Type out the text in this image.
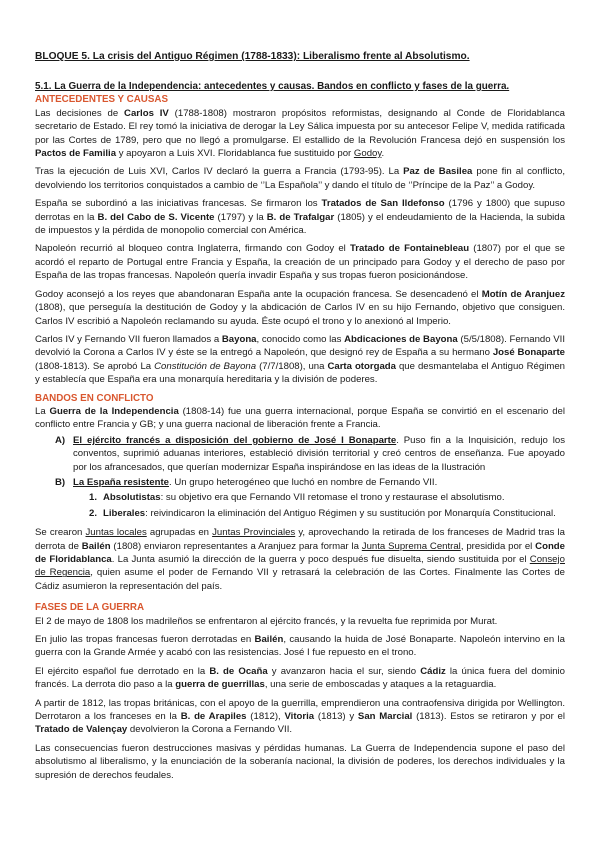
BLOQUE 5. La crisis del Antiguo Régimen (1788-1833): Liberalismo frente al Absolutismo.
5.1. La Guerra de la Independencia: antecedentes y causas. Bandos en conflicto y fases de la guerra.
ANTECEDENTES Y CAUSAS

Las decisiones de Carlos IV (1788-1808) mostraron propósitos reformistas, designando al Conde de Floridablanca secretario de Estado. El rey tomó la iniciativa de derogar la Ley Sálica impuesta por su antecesor Felipe V, medida ratificada por las Cortes de 1789, pero que no llegó a promulgarse. El estallido de la Revolución Francesa dejó en suspensión los Pactos de Familia y apoyaron a Luis XVI. Floridablanca fue sustituido por Godoy.

Tras la ejecución de Luis XVI, Carlos IV declaró la guerra a Francia (1793-95). La Paz de Basilea pone fin al conflicto, devolviendo los territorios conquistados a cambio de ‘’La Española’’ y dando el título de ‘’Príncipe de la Paz’’ a Godoy.

España se subordinó a las iniciativas francesas. Se firmaron los Tratados de San Ildefonso (1796 y 1800) que supuso derrotas en la B. del Cabo de S. Vicente (1797) y la B. de Trafalgar (1805) y el endeudamiento de la Hacienda, la subida de impuestos y la pérdida de monopolio comercial con América.

Napoleón recurrió al bloqueo contra Inglaterra, firmando con Godoy el Tratado de Fontainebleau (1807) por el que se acordó el reparto de Portugal entre Francia y España, la creación de un principado para Godoy y el derecho de paso por España de las tropas francesas. Napoleón quería invadir España y sus tropas fueron posicionándose.

Godoy aconsejó a los reyes que abandonaran España ante la ocupación francesa. Se desencadenó el Motín de Aranjuez (1808), que perseguía la destitución de Godoy y la abdicación de Carlos IV en su hijo Fernando, objetivo que consiguen. Carlos IV escribió a Napoleón reclamando su ayuda. Éste ocupó el trono y lo anexionó al Imperio.

Carlos IV y Fernando VII fueron llamados a Bayona, conocido como las Abdicaciones de Bayona (5/5/1808). Fernando VII devolvió la Corona a Carlos IV y éste se la entregó a Napoleón, que designó rey de España a su hermano José Bonaparte (1808-1813). Se aprobó La Constitución de Bayona (7/7/1808), una Carta otorgada que desmantelaba el Antiguo Régimen y establecía que España era una monarquía hereditaria y la división de poderes.

BANDOS EN CONFLICTO

La Guerra de la Independencia (1808-14) fue una guerra internacional, porque España se convirtió en el escenario del conflicto entre Francia y GB; y una guerra nacional de liberación frente a Francia.

A) El ejército francés a disposición del gobierno de José I Bonaparte. Puso fin a la Inquisición, redujo los conventos, suprimió aduanas interiores, estableció división territorial y creó centros de enseñanza. Fue apoyado por los afrancesados, que querían modernizar España inspirándose en las ideas de la Ilustración
B) La España resistente. Un grupo heterogéneo que luchó en nombre de Fernando VII.
1. Absolutistas: su objetivo era que Fernando VII retomase el trono y restaurase el absolutismo.
2. Liberales: reivindicaron la eliminación del Antiguo Régimen y su sustitución por Monarquía Constitucional.

Se crearon Juntas locales agrupadas en Juntas Provinciales y, aprovechando la retirada de los franceses de Madrid tras la derrota de Bailén (1808) enviaron representantes a Aranjuez para formar la Junta Suprema Central, presidida por el Conde de Floridablanca. La Junta asumió la dirección de la guerra y poco después fue disuelta, siendo sustituida por el Consejo de Regencia, quien asume el poder de Fernando VII y retrasará la celebración de las Cortes. Finalmente las Cortes de Cádiz asumieron la representación del país.

FASES DE LA GUERRA

El 2 de mayo de 1808 los madrileños se enfrentaron al ejército francés, y la revuelta fue reprimida por Murat.

En julio las tropas francesas fueron derrotadas en Bailén, causando la huida de José Bonaparte. Napoleón intervino en la guerra con la Grande Armée y acabó con las resistencias. José I fue repuesto en el trono.

El ejército español fue derrotado en la B. de Ocaña y avanzaron hacia el sur, siendo Cádiz la única fuera del dominio francés. La derrota dio paso a la guerra de guerrillas, una serie de emboscadas y ataques a la retaguardia.

A partir de 1812, las tropas británicas, con el apoyo de la guerrilla, emprendieron una contraofensiva dirigida por Wellington. Derrotaron a los franceses en la B. de Arapiles (1812), Vitoria (1813) y San Marcial (1813). Estos se retiraron y por el Tratado de Valençay devolvieron la Corona a Fernando VII.

Las consecuencias fueron destrucciones masivas y pérdidas humanas. La Guerra de Independencia supone el paso del absolutismo al liberalismo, y la enunciación de la soberanía nacional, la división de poderes, los derechos individuales y la supresión de derechos feudales.
